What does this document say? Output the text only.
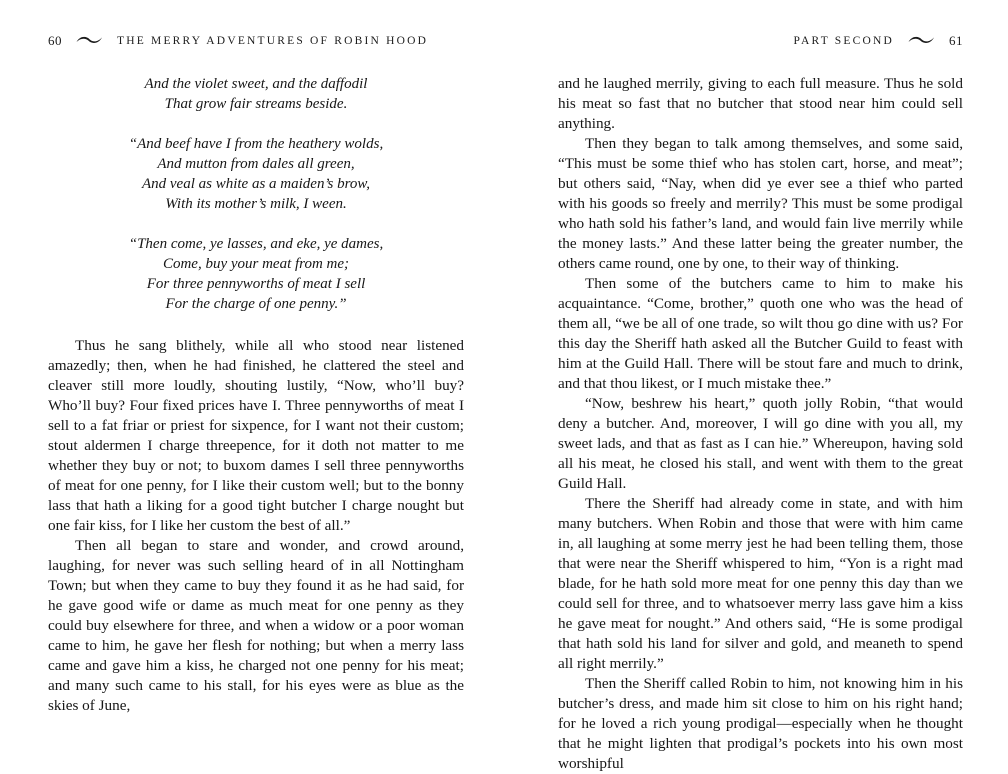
60	THE MERRY ADVENTURES OF ROBIN HOOD
And the violet sweet, and the daffodil
That grow fair streams beside.
“And beef have I from the heathery wolds,
And mutton from dales all green,
And veal as white as a maiden’s brow,
With its mother’s milk, I ween.
“Then come, ye lasses, and eke, ye dames,
Come, buy your meat from me;
For three pennyworths of meat I sell
For the charge of one penny.”

Thus he sang blithely, while all who stood near listened amazedly; then, when he had finished, he clattered the steel and cleaver still more loudly, shouting lustily, “Now, who’ll buy? Who’ll buy? Four fixed prices have I. Three pennyworths of meat I sell to a fat friar or priest for sixpence, for I want not their custom; stout aldermen I charge threepence, for it doth not matter to me whether they buy or not; to buxom dames I sell three pennyworths of meat for one penny, for I like their custom well; but to the bonny lass that hath a liking for a good tight butcher I charge nought but one fair kiss, for I like her custom the best of all.”

Then all began to stare and wonder, and crowd around, laughing, for never was such selling heard of in all Nottingham Town; but when they came to buy they found it as he had said, for he gave good wife or dame as much meat for one penny as they could buy elsewhere for three, and when a widow or a poor woman came to him, he gave her flesh for nothing; but when a merry lass came and gave him a kiss, he charged not one penny for his meat; and many such came to his stall, for his eyes were as blue as the skies of June,

PART SECOND	61

and he laughed merrily, giving to each full measure. Thus he sold his meat so fast that no butcher that stood near him could sell anything.

Then they began to talk among themselves, and some said, “This must be some thief who has stolen cart, horse, and meat”; but others said, “Nay, when did ye ever see a thief who parted with his goods so freely and merrily? This must be some prodigal who hath sold his father’s land, and would fain live merrily while the money lasts.” And these latter being the greater number, the others came round, one by one, to their way of thinking.

Then some of the butchers came to him to make his acquaintance. “Come, brother,” quoth one who was the head of them all, “we be all of one trade, so wilt thou go dine with us? For this day the Sheriff hath asked all the Butcher Guild to feast with him at the Guild Hall. There will be stout fare and much to drink, and that thou likest, or I much mistake thee.”

“Now, beshrew his heart,” quoth jolly Robin, “that would deny a butcher. And, moreover, I will go dine with you all, my sweet lads, and that as fast as I can hie.” Whereupon, having sold all his meat, he closed his stall, and went with them to the great Guild Hall.

There the Sheriff had already come in state, and with him many butchers. When Robin and those that were with him came in, all laughing at some merry jest he had been telling them, those that were near the Sheriff whispered to him, “Yon is a right mad blade, for he hath sold more meat for one penny this day than we could sell for three, and to whatsoever merry lass gave him a kiss he gave meat for nought.” And others said, “He is some prodigal that hath sold his land for silver and gold, and meaneth to spend all right merrily.”

Then the Sheriff called Robin to him, not knowing him in his butcher’s dress, and made him sit close to him on his right hand; for he loved a rich young prodigal—especially when he thought that he might lighten that prodigal’s pockets into his own most worshipful
